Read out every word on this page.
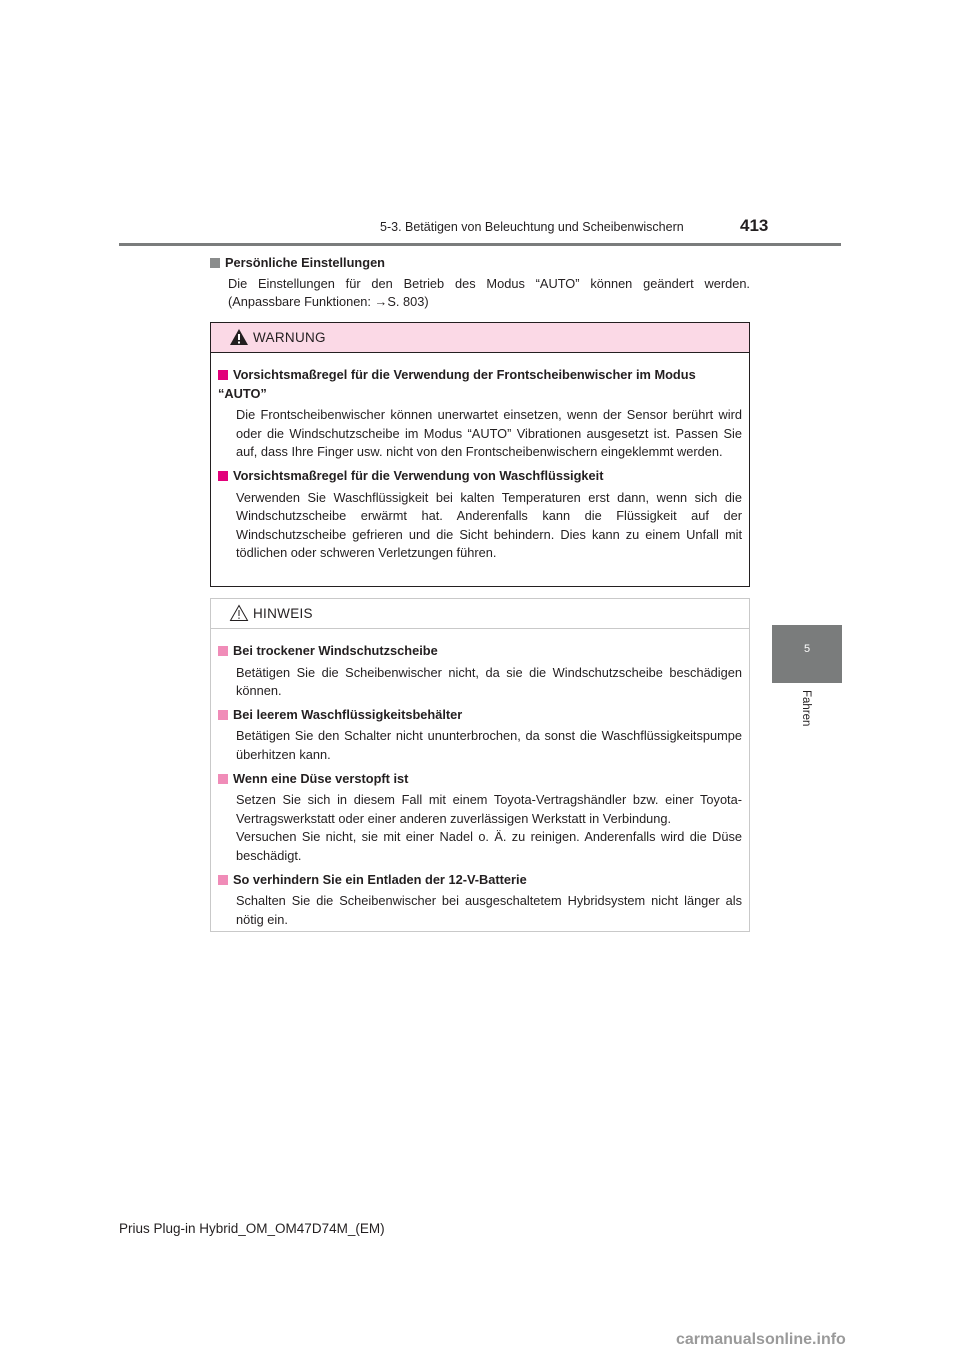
5-3. Betätigen von Beleuchtung und Scheibenwischern	413
5
Fahren
Persönliche Einstellungen
Die Einstellungen für den Betrieb des Modus “AUTO” können geändert werden. (Anpassbare Funktionen: →S. 803)
WARNUNG
Vorsichtsmaßregel für die Verwendung der Frontscheibenwischer im Modus “AUTO”
Die Frontscheibenwischer können unerwartet einsetzen, wenn der Sensor berührt wird oder die Windschutzscheibe im Modus “AUTO” Vibrationen ausgesetzt ist. Passen Sie auf, dass Ihre Finger usw. nicht von den Frontscheibenwischern eingeklemmt werden.
Vorsichtsmaßregel für die Verwendung von Waschflüssigkeit
Verwenden Sie Waschflüssigkeit bei kalten Temperaturen erst dann, wenn sich die Windschutzscheibe erwärmt hat. Anderenfalls kann die Flüssigkeit auf der Windschutzscheibe gefrieren und die Sicht behindern. Dies kann zu einem Unfall mit tödlichen oder schweren Verletzungen führen.
HINWEIS
Bei trockener Windschutzscheibe
Betätigen Sie die Scheibenwischer nicht, da sie die Windschutzscheibe beschädigen können.
Bei leerem Waschflüssigkeitsbehälter
Betätigen Sie den Schalter nicht ununterbrochen, da sonst die Waschflüssigkeitspumpe überhitzen kann.
Wenn eine Düse verstopft ist
Setzen Sie sich in diesem Fall mit einem Toyota-Vertragshändler bzw. einer Toyota-Vertragswerkstatt oder einer anderen zuverlässigen Werkstatt in Verbindung.
Versuchen Sie nicht, sie mit einer Nadel o. Ä. zu reinigen. Anderenfalls wird die Düse beschädigt.
So verhindern Sie ein Entladen der 12-V-Batterie
Schalten Sie die Scheibenwischer bei ausgeschaltetem Hybridsystem nicht länger als nötig ein.
Prius Plug-in Hybrid_OM_OM47D74M_(EM)
carmanualsonline.info
